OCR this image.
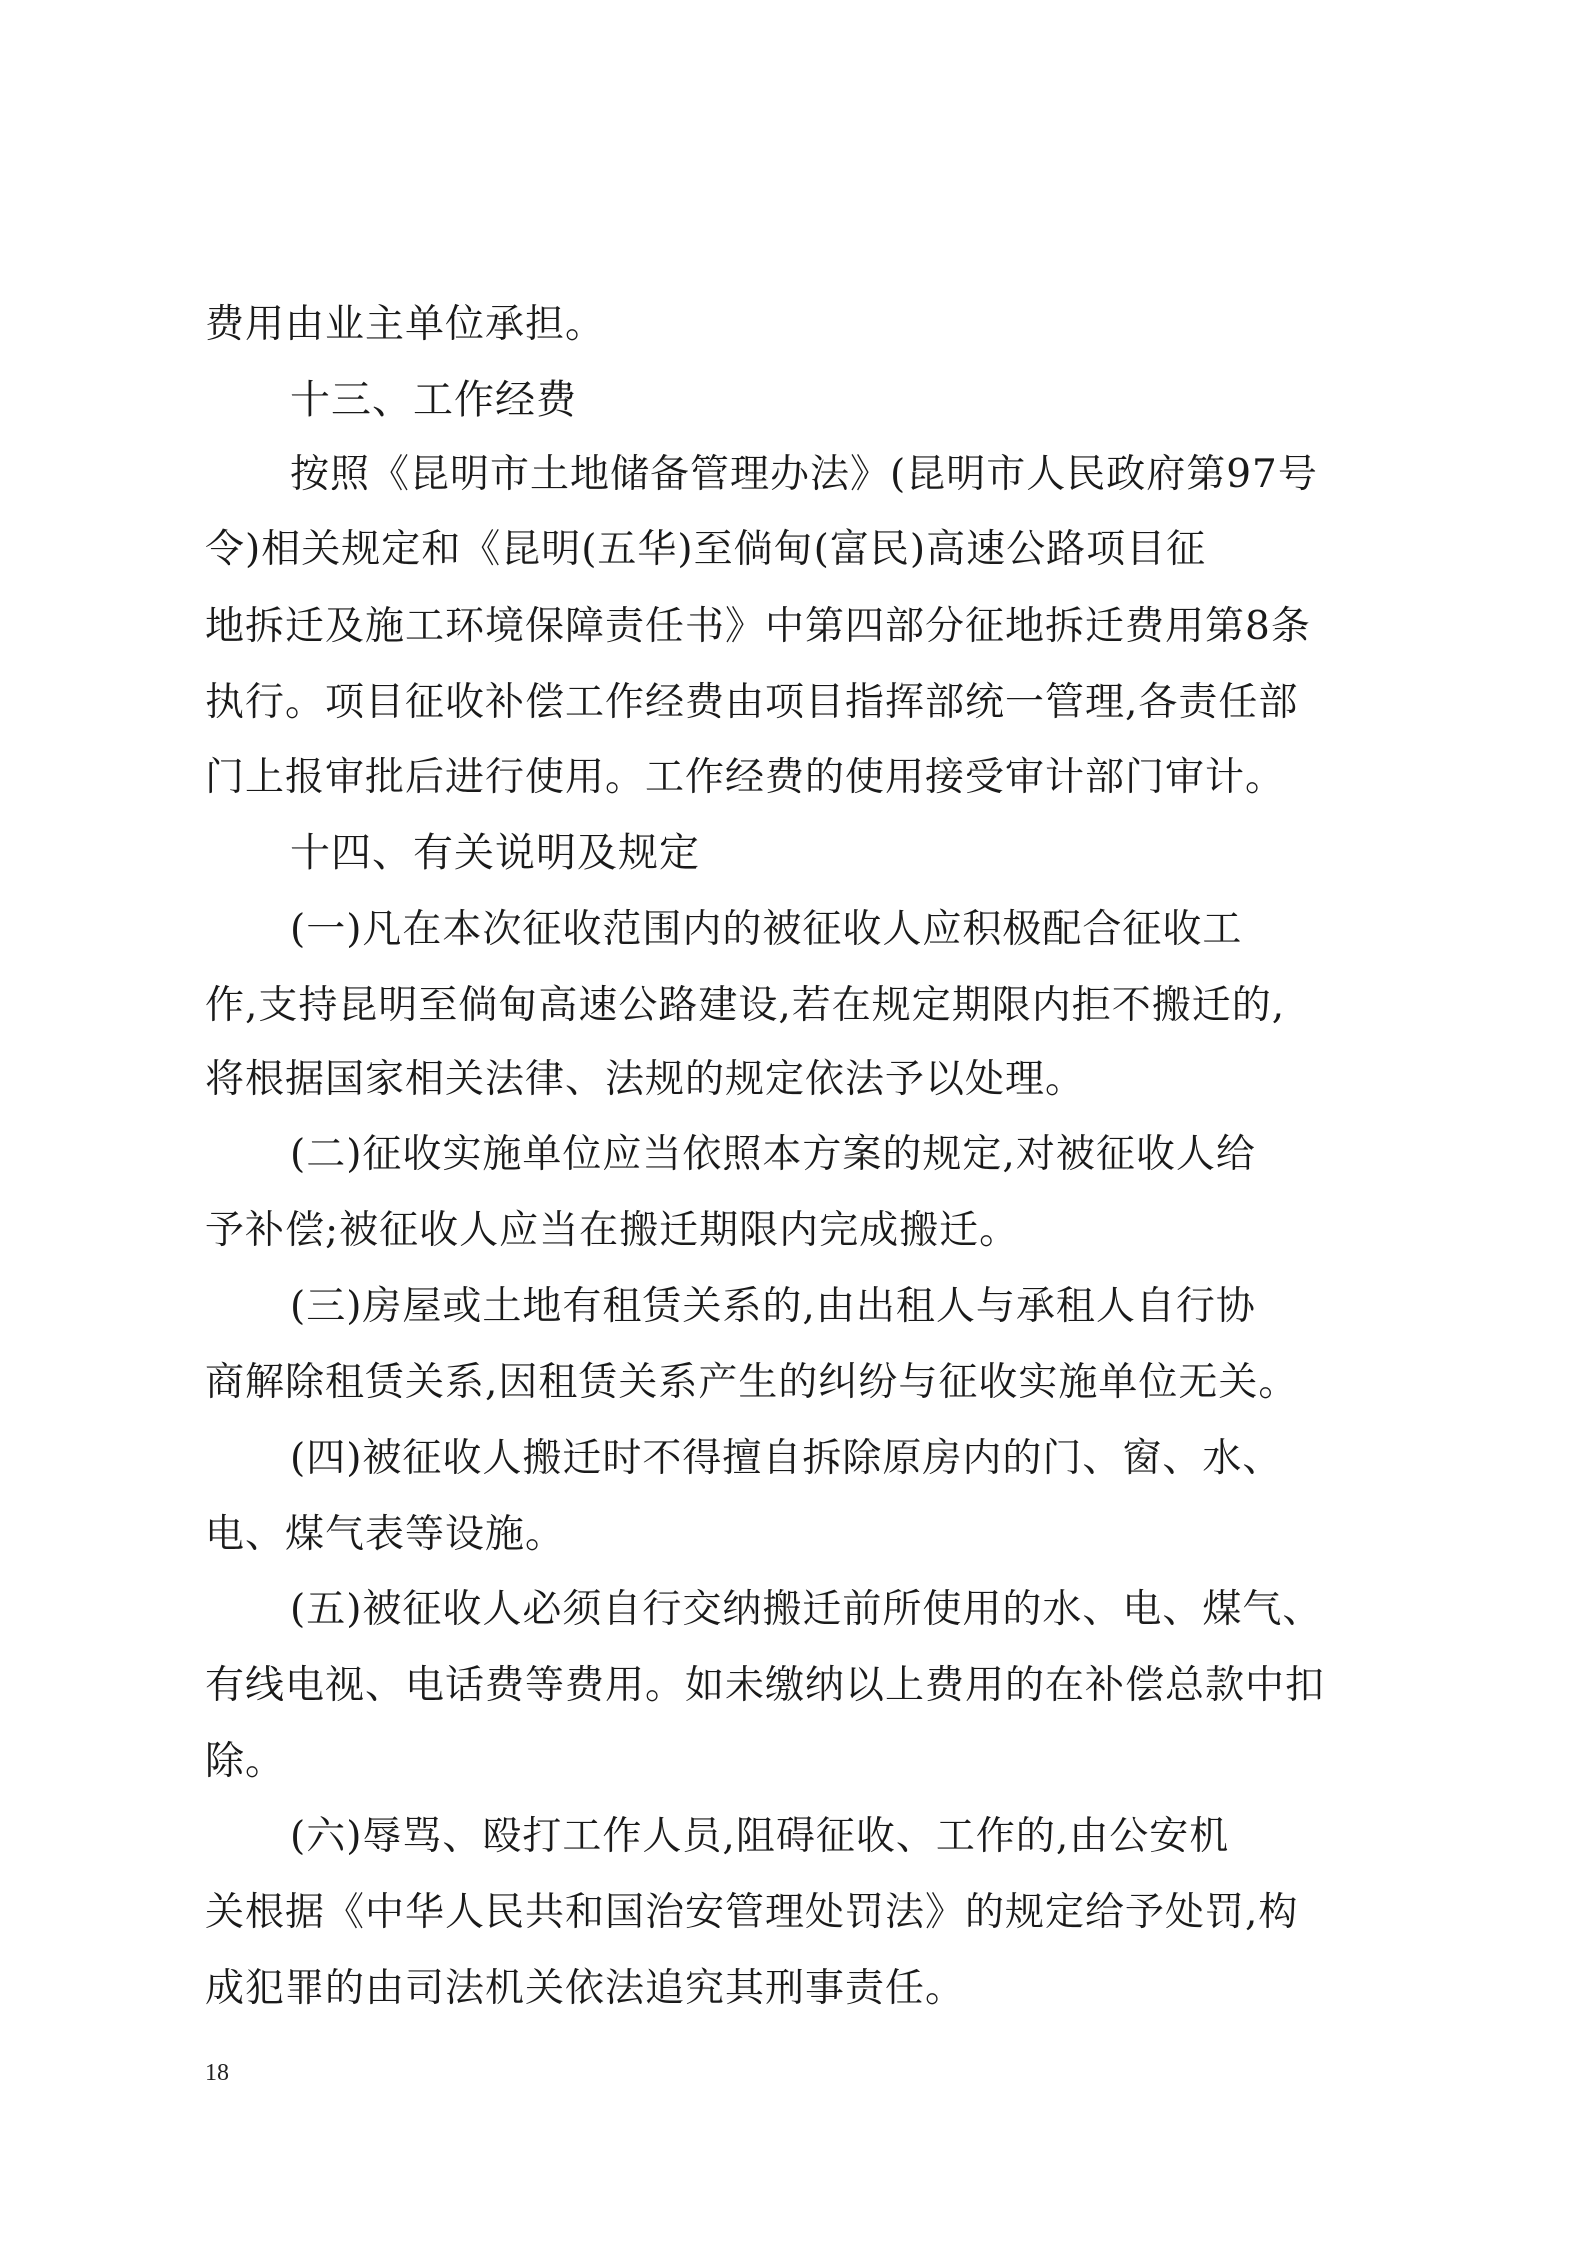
费用由业主单位承担。

十三、工作经费

按照《昆明市土地储备管理办法》(昆明市人民政府第97号

令)相关规定和《昆明(五华)至倘甸(富民)高速公路项目征

地拆迁及施工环境保障责任书》中第四部分征地拆迁费用第8条

执行。项目征收补偿工作经费由项目指挥部统一管理,各责任部

门上报审批后进行使用。工作经费的使用接受审计部门审计。

十四、有关说明及规定

(一)凡在本次征收范围内的被征收人应积极配合征收工

作,支持昆明至倘甸高速公路建设,若在规定期限内拒不搬迁的,

将根据国家相关法律、法规的规定依法予以处理。

(二)征收实施单位应当依照本方案的规定,对被征收人给

予补偿;被征收人应当在搬迁期限内完成搬迁。

(三)房屋或土地有租赁关系的,由出租人与承租人自行协

商解除租赁关系,因租赁关系产生的纠纷与征收实施单位无关。

(四)被征收人搬迁时不得擅自拆除原房内的门、窗、水、

电、煤气表等设施。

(五)被征收人必须自行交纳搬迁前所使用的水、电、煤气、

有线电视、电话费等费用。如未缴纳以上费用的在补偿总款中扣

除。

(六)辱骂、殴打工作人员,阻碍征收、工作的,由公安机

关根据《中华人民共和国治安管理处罚法》的规定给予处罚,构

成犯罪的由司法机关依法追究其刑事责任。

18
